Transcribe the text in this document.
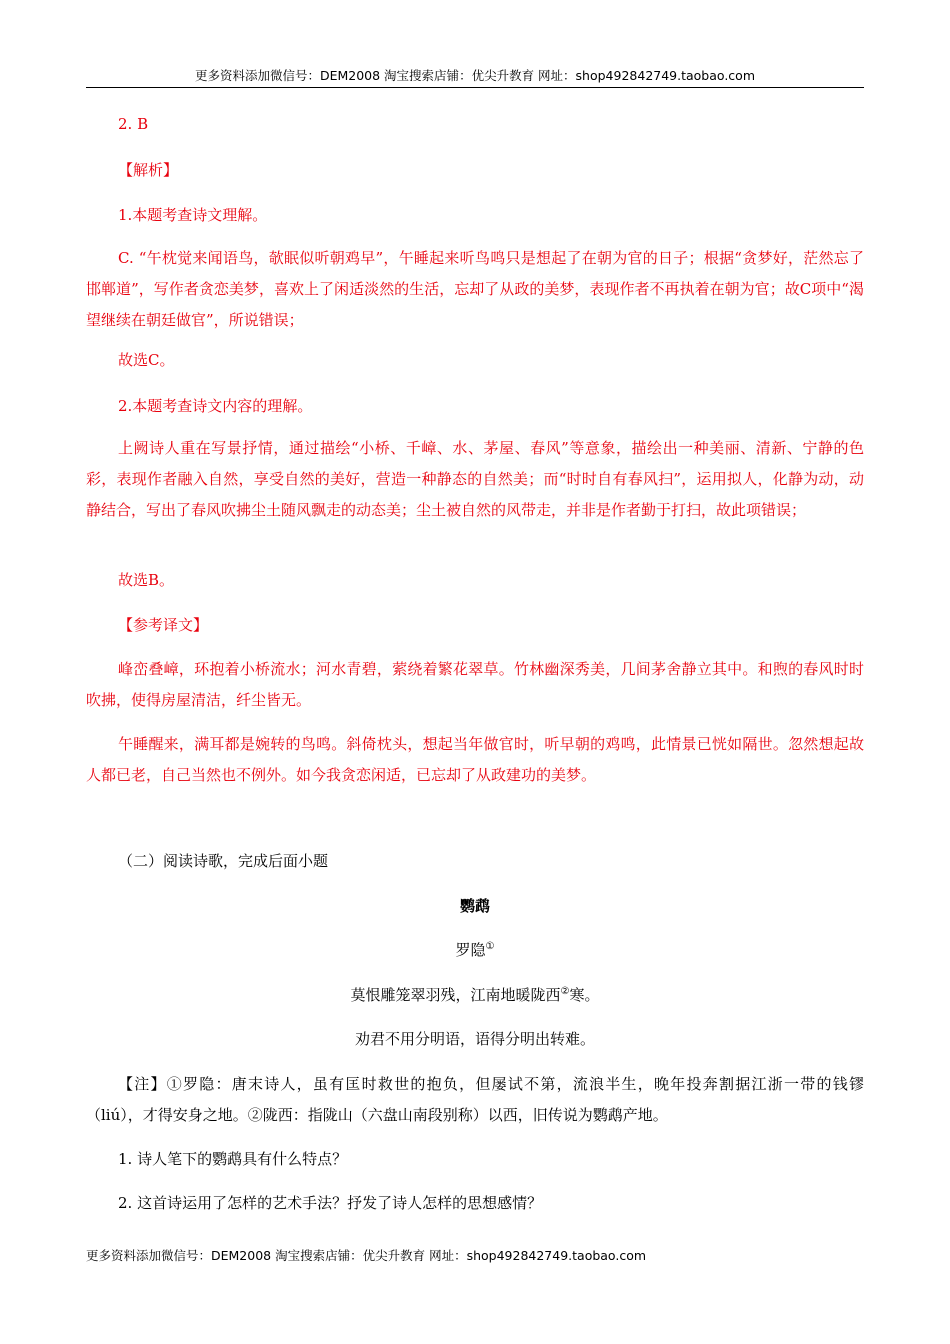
更多资料添加微信号：DEM2008 淘宝搜索店铺：优尖升教育 网址：shop492842749.taobao.com

2. B

【解析】

1.本题考查诗文理解。

C. “午枕觉来闻语鸟，欹眠似听朝鸡早”，午睡起来听鸟鸣只是想起了在朝为官的日子；根据“贪梦好，茫然忘了邯郸道”，写作者贪恋美梦，喜欢上了闲适淡然的生活，忘却了从政的美梦，表现作者不再执着在朝为官；故C项中“渴望继续在朝廷做官”，所说错误；

故选C。

2.本题考查诗文内容的理解。

上阙诗人重在写景抒情，通过描绘“小桥、千嶂、水、茅屋、春风”等意象，描绘出一种美丽、清新、宁静的色彩，表现作者融入自然，享受自然的美好，营造一种静态的自然美；而“时时自有春风扫”，运用拟人，化静为动，动静结合，写出了春风吹拂尘土随风飘走的动态美；尘土被自然的风带走，并非是作者勤于打扫，故此项错误；

故选B。

【参考译文】

峰峦叠嶂，环抱着小桥流水；河水青碧，萦绕着繁花翠草。竹林幽深秀美，几间茅舍静立其中。和煦的春风时时吹拂，使得房屋清洁，纤尘皆无。

午睡醒来，满耳都是婉转的鸟鸣。斜倚枕头，想起当年做官时，听早朝的鸡鸣，此情景已恍如隔世。忽然想起故人都已老，自己当然也不例外。如今我贪恋闲适，已忘却了从政建功的美梦。

（二）阅读诗歌，完成后面小题

鹦鹉

罗隐①

莫恨雕笼翠羽残，江南地暖陇西②寒。

劝君不用分明语，语得分明出转难。

【注】①罗隐：唐末诗人，虽有匡时救世的抱负，但屡试不第，流浪半生，晚年投奔割据江浙一带的钱镠（liú），才得安身之地。②陇西：指陇山（六盘山南段别称）以西，旧传说为鹦鹉产地。

1. 诗人笔下的鹦鹉具有什么特点？

2. 这首诗运用了怎样的艺术手法？抒发了诗人怎样的思想感情？

更多资料添加微信号：DEM2008 淘宝搜索店铺：优尖升教育 网址：shop492842749.taobao.com
